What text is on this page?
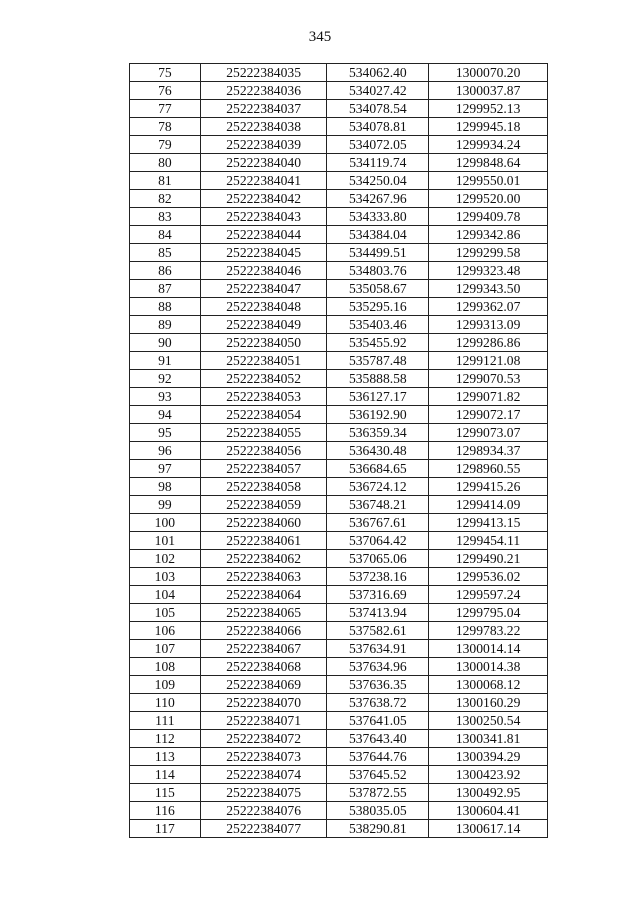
345
75	25222384035	534062.40	1300070.20
76	25222384036	534027.42	1300037.87
77	25222384037	534078.54	1299952.13
78	25222384038	534078.81	1299945.18
79	25222384039	534072.05	1299934.24
80	25222384040	534119.74	1299848.64
81	25222384041	534250.04	1299550.01
82	25222384042	534267.96	1299520.00
83	25222384043	534333.80	1299409.78
84	25222384044	534384.04	1299342.86
85	25222384045	534499.51	1299299.58
86	25222384046	534803.76	1299323.48
87	25222384047	535058.67	1299343.50
88	25222384048	535295.16	1299362.07
89	25222384049	535403.46	1299313.09
90	25222384050	535455.92	1299286.86
91	25222384051	535787.48	1299121.08
92	25222384052	535888.58	1299070.53
93	25222384053	536127.17	1299071.82
94	25222384054	536192.90	1299072.17
95	25222384055	536359.34	1299073.07
96	25222384056	536430.48	1298934.37
97	25222384057	536684.65	1298960.55
98	25222384058	536724.12	1299415.26
99	25222384059	536748.21	1299414.09
100	25222384060	536767.61	1299413.15
101	25222384061	537064.42	1299454.11
102	25222384062	537065.06	1299490.21
103	25222384063	537238.16	1299536.02
104	25222384064	537316.69	1299597.24
105	25222384065	537413.94	1299795.04
106	25222384066	537582.61	1299783.22
107	25222384067	537634.91	1300014.14
108	25222384068	537634.96	1300014.38
109	25222384069	537636.35	1300068.12
110	25222384070	537638.72	1300160.29
111	25222384071	537641.05	1300250.54
112	25222384072	537643.40	1300341.81
113	25222384073	537644.76	1300394.29
114	25222384074	537645.52	1300423.92
115	25222384075	537872.55	1300492.95
116	25222384076	538035.05	1300604.41
117	25222384077	538290.81	1300617.14
